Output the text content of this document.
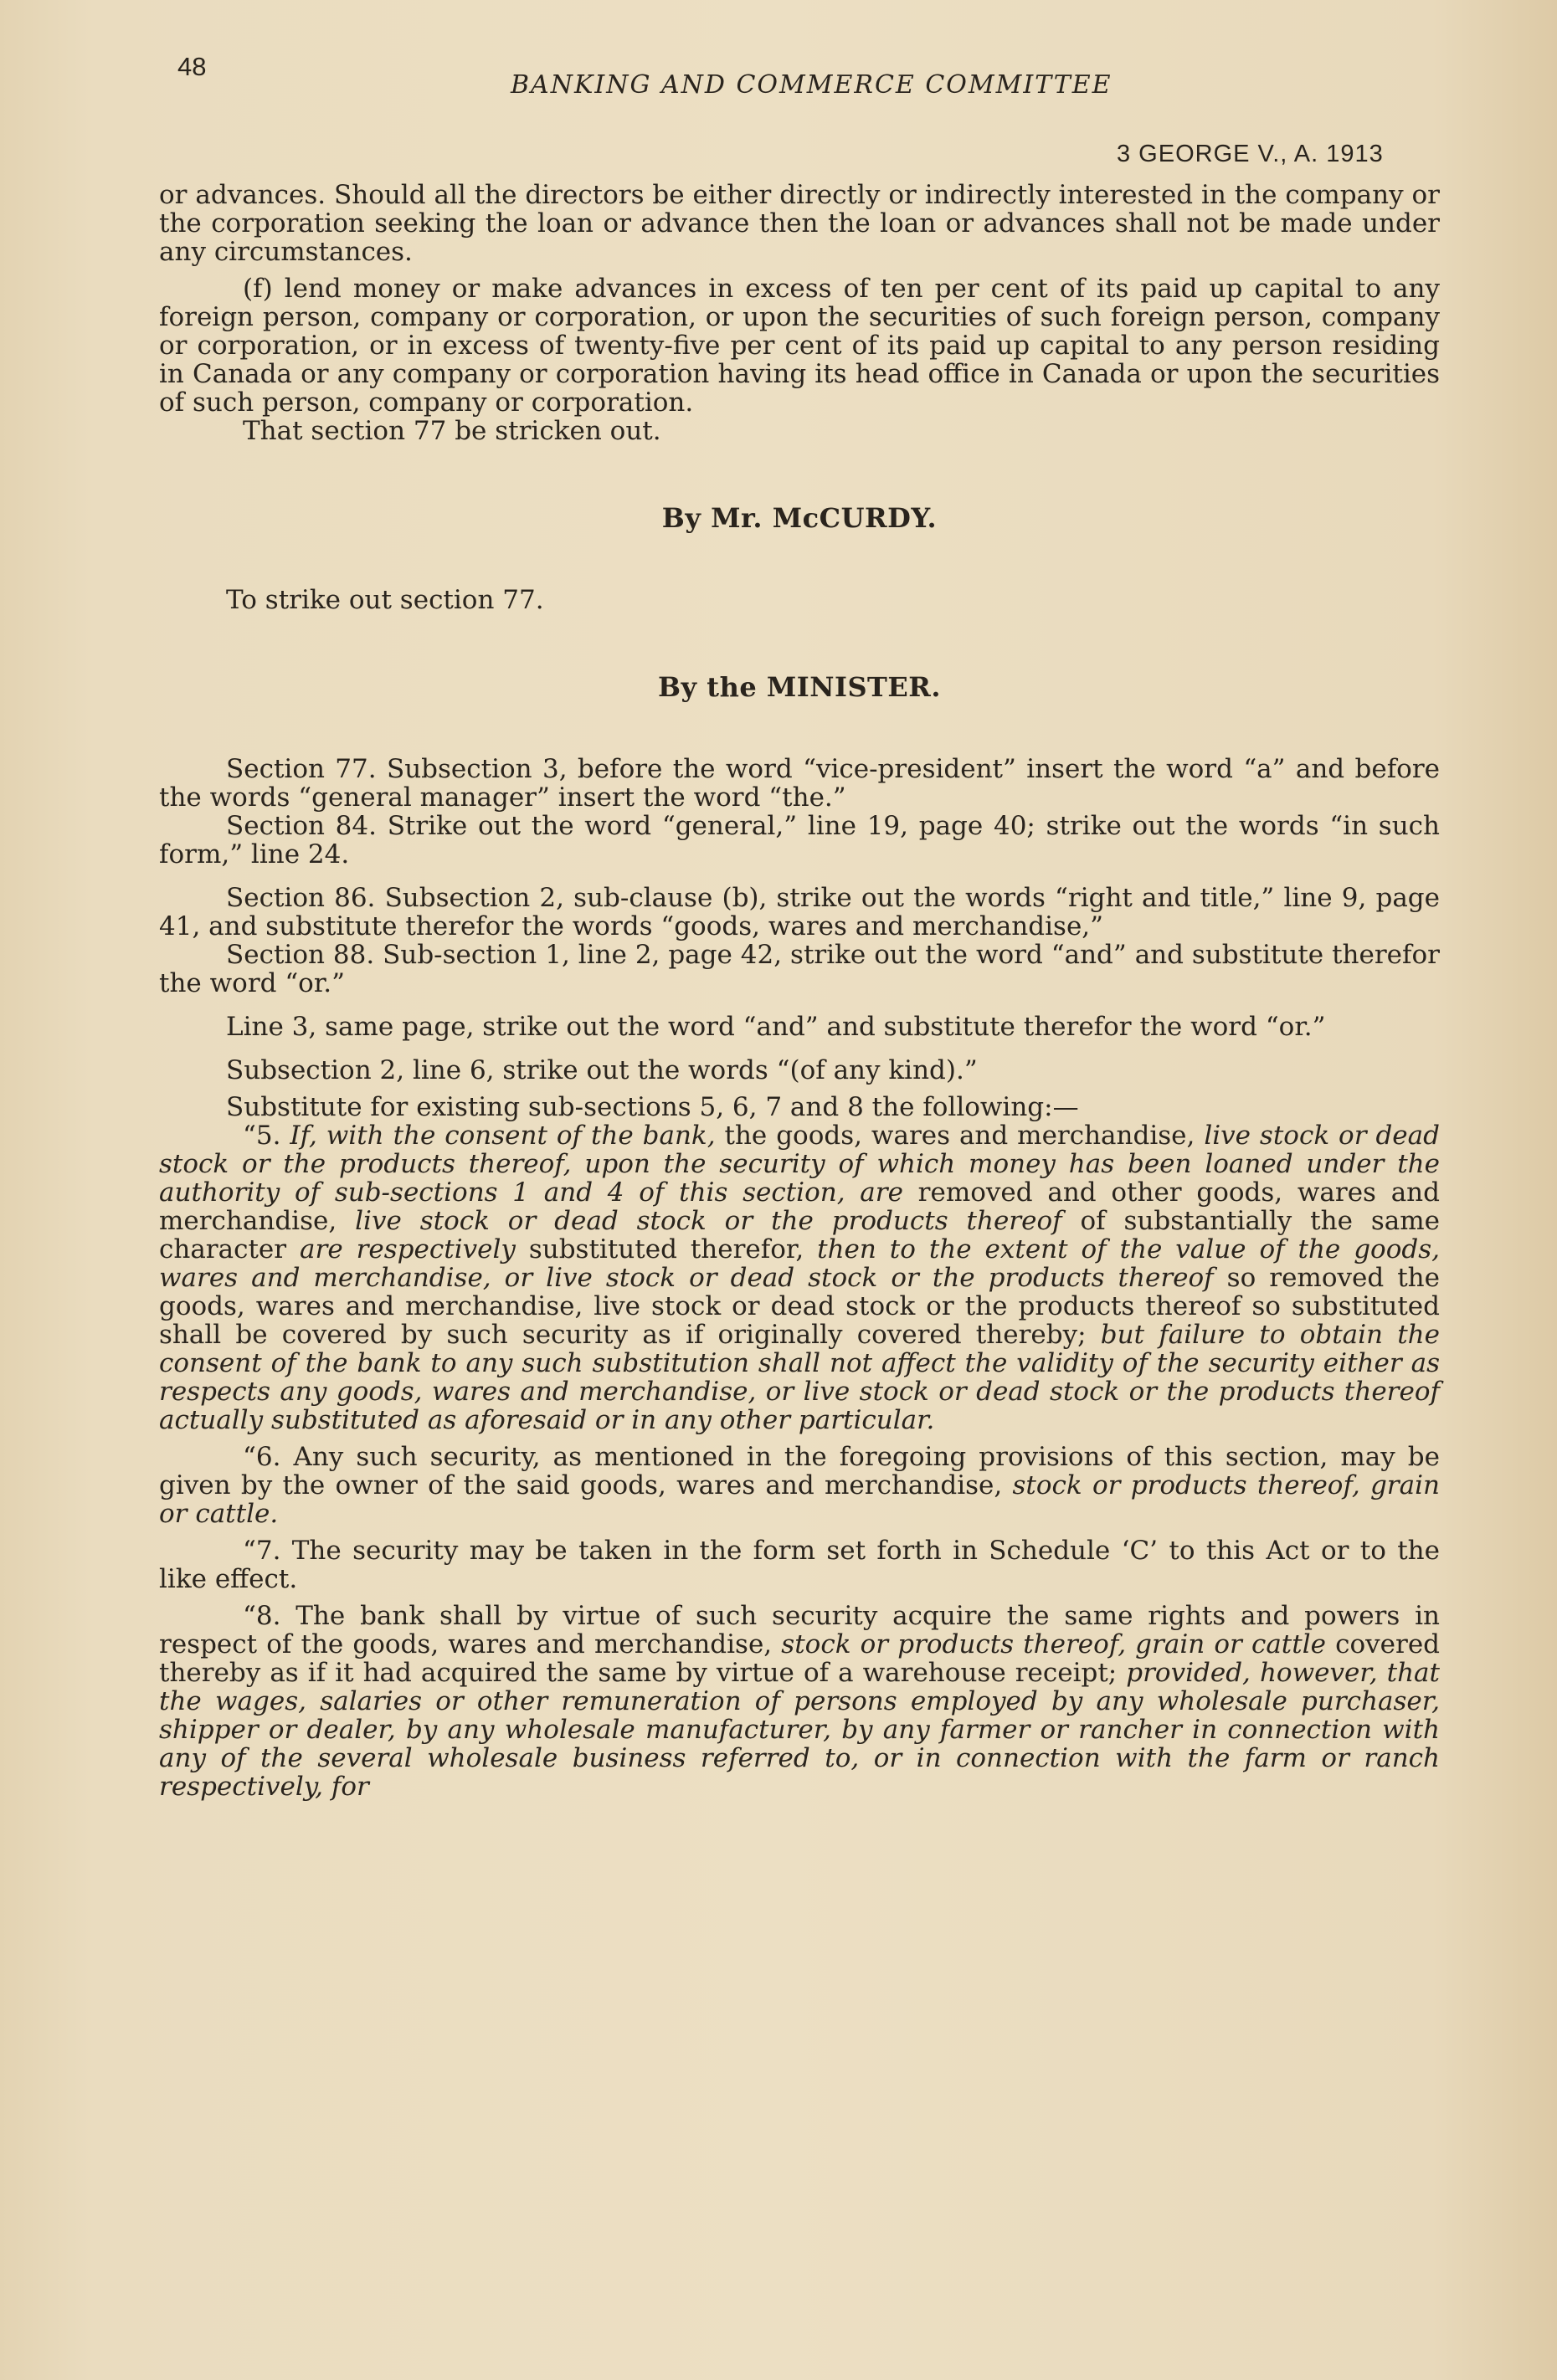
48
BANKING AND COMMERCE COMMITTEE
3 GEORGE V., A. 1913

or advances. Should all the directors be either directly or indirectly interested in the company or the corporation seeking the loan or advance then the loan or advances shall not be made under any circumstances.

(f) lend money or make advances in excess of ten per cent of its paid up capital to any foreign person, company or corporation, or upon the securities of such foreign person, company or corporation, or in excess of twenty-five per cent of its paid up capital to any person residing in Canada or any company or corporation having its head office in Canada or upon the securities of such person, company or corporation.

That section 77 be stricken out.

By Mr. McCURDY.

To strike out section 77.

By the MINISTER.

Section 77. Subsection 3, before the word “vice-president” insert the word “a” and before the words “general manager” insert the word “the.”

Section 84. Strike out the word “general,” line 19, page 40; strike out the words “in such form,” line 24.

Section 86. Subsection 2, sub-clause (b), strike out the words “right and title,” line 9, page 41, and substitute therefor the words “goods, wares and merchandise,”

Section 88. Sub-section 1, line 2, page 42, strike out the word “and” and substitute therefor the word “or.”

Line 3, same page, strike out the word “and” and substitute therefor the word “or.”

Subsection 2, line 6, strike out the words “(of any kind).”

Substitute for existing sub-sections 5, 6, 7 and 8 the following:—

“5. If, with the consent of the bank, the goods, wares and merchandise, live stock or dead stock or the products thereof, upon the security of which money has been loaned under the authority of sub-sections 1 and 4 of this section, are removed and other goods, wares and merchandise, live stock or dead stock or the products thereof of substantially the same character are respectively substituted therefor, then to the extent of the value of the goods, wares and merchandise, or live stock or dead stock or the products thereof so removed the goods, wares and merchandise, live stock or dead stock or the products thereof so substituted shall be covered by such security as if originally covered thereby; but failure to obtain the consent of the bank to any such substitution shall not affect the validity of the security either as respects any goods, wares and merchandise, or live stock or dead stock or the products thereof actually substituted as aforesaid or in any other particular.

“6. Any such security, as mentioned in the foregoing provisions of this section, may be given by the owner of the said goods, wares and merchandise, stock or products thereof, grain or cattle.

“7. The security may be taken in the form set forth in Schedule ‘C’ to this Act or to the like effect.

“8. The bank shall by virtue of such security acquire the same rights and powers in respect of the goods, wares and merchandise, stock or products thereof, grain or cattle covered thereby as if it had acquired the same by virtue of a warehouse receipt; provided, however, that the wages, salaries or other remuneration of persons employed by any wholesale purchaser, shipper or dealer, by any wholesale manufacturer, by any farmer or rancher in connection with any of the several wholesale business referred to, or in connection with the farm or ranch respectively, for
